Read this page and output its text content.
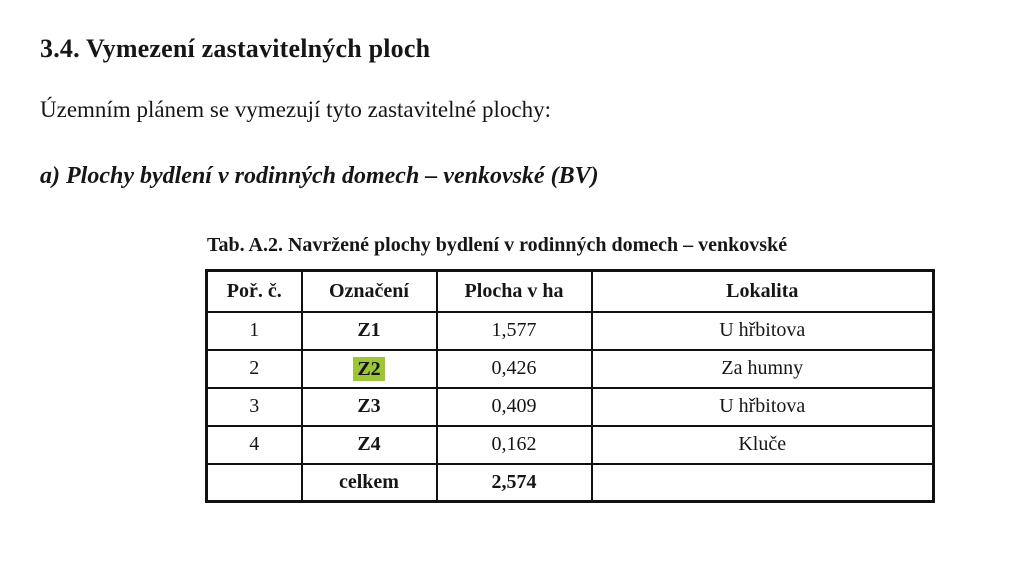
3.4. Vymezení zastavitelných ploch

Územním plánem se vymezují tyto zastavitelné plochy:

a) Plochy bydlení v rodinných domech – venkovské (BV)
Tab. A.2. Navržené plochy bydlení v rodinných domech – venkovské
Poř. č.	Označení	Plocha v ha	Lokalita
1	Z1	1,577	U hřbitova
2	Z2	0,426	Za humny
3	Z3	0,409	U hřbitova
4	Z4	0,162	Kluče
	celkem	2,574	
